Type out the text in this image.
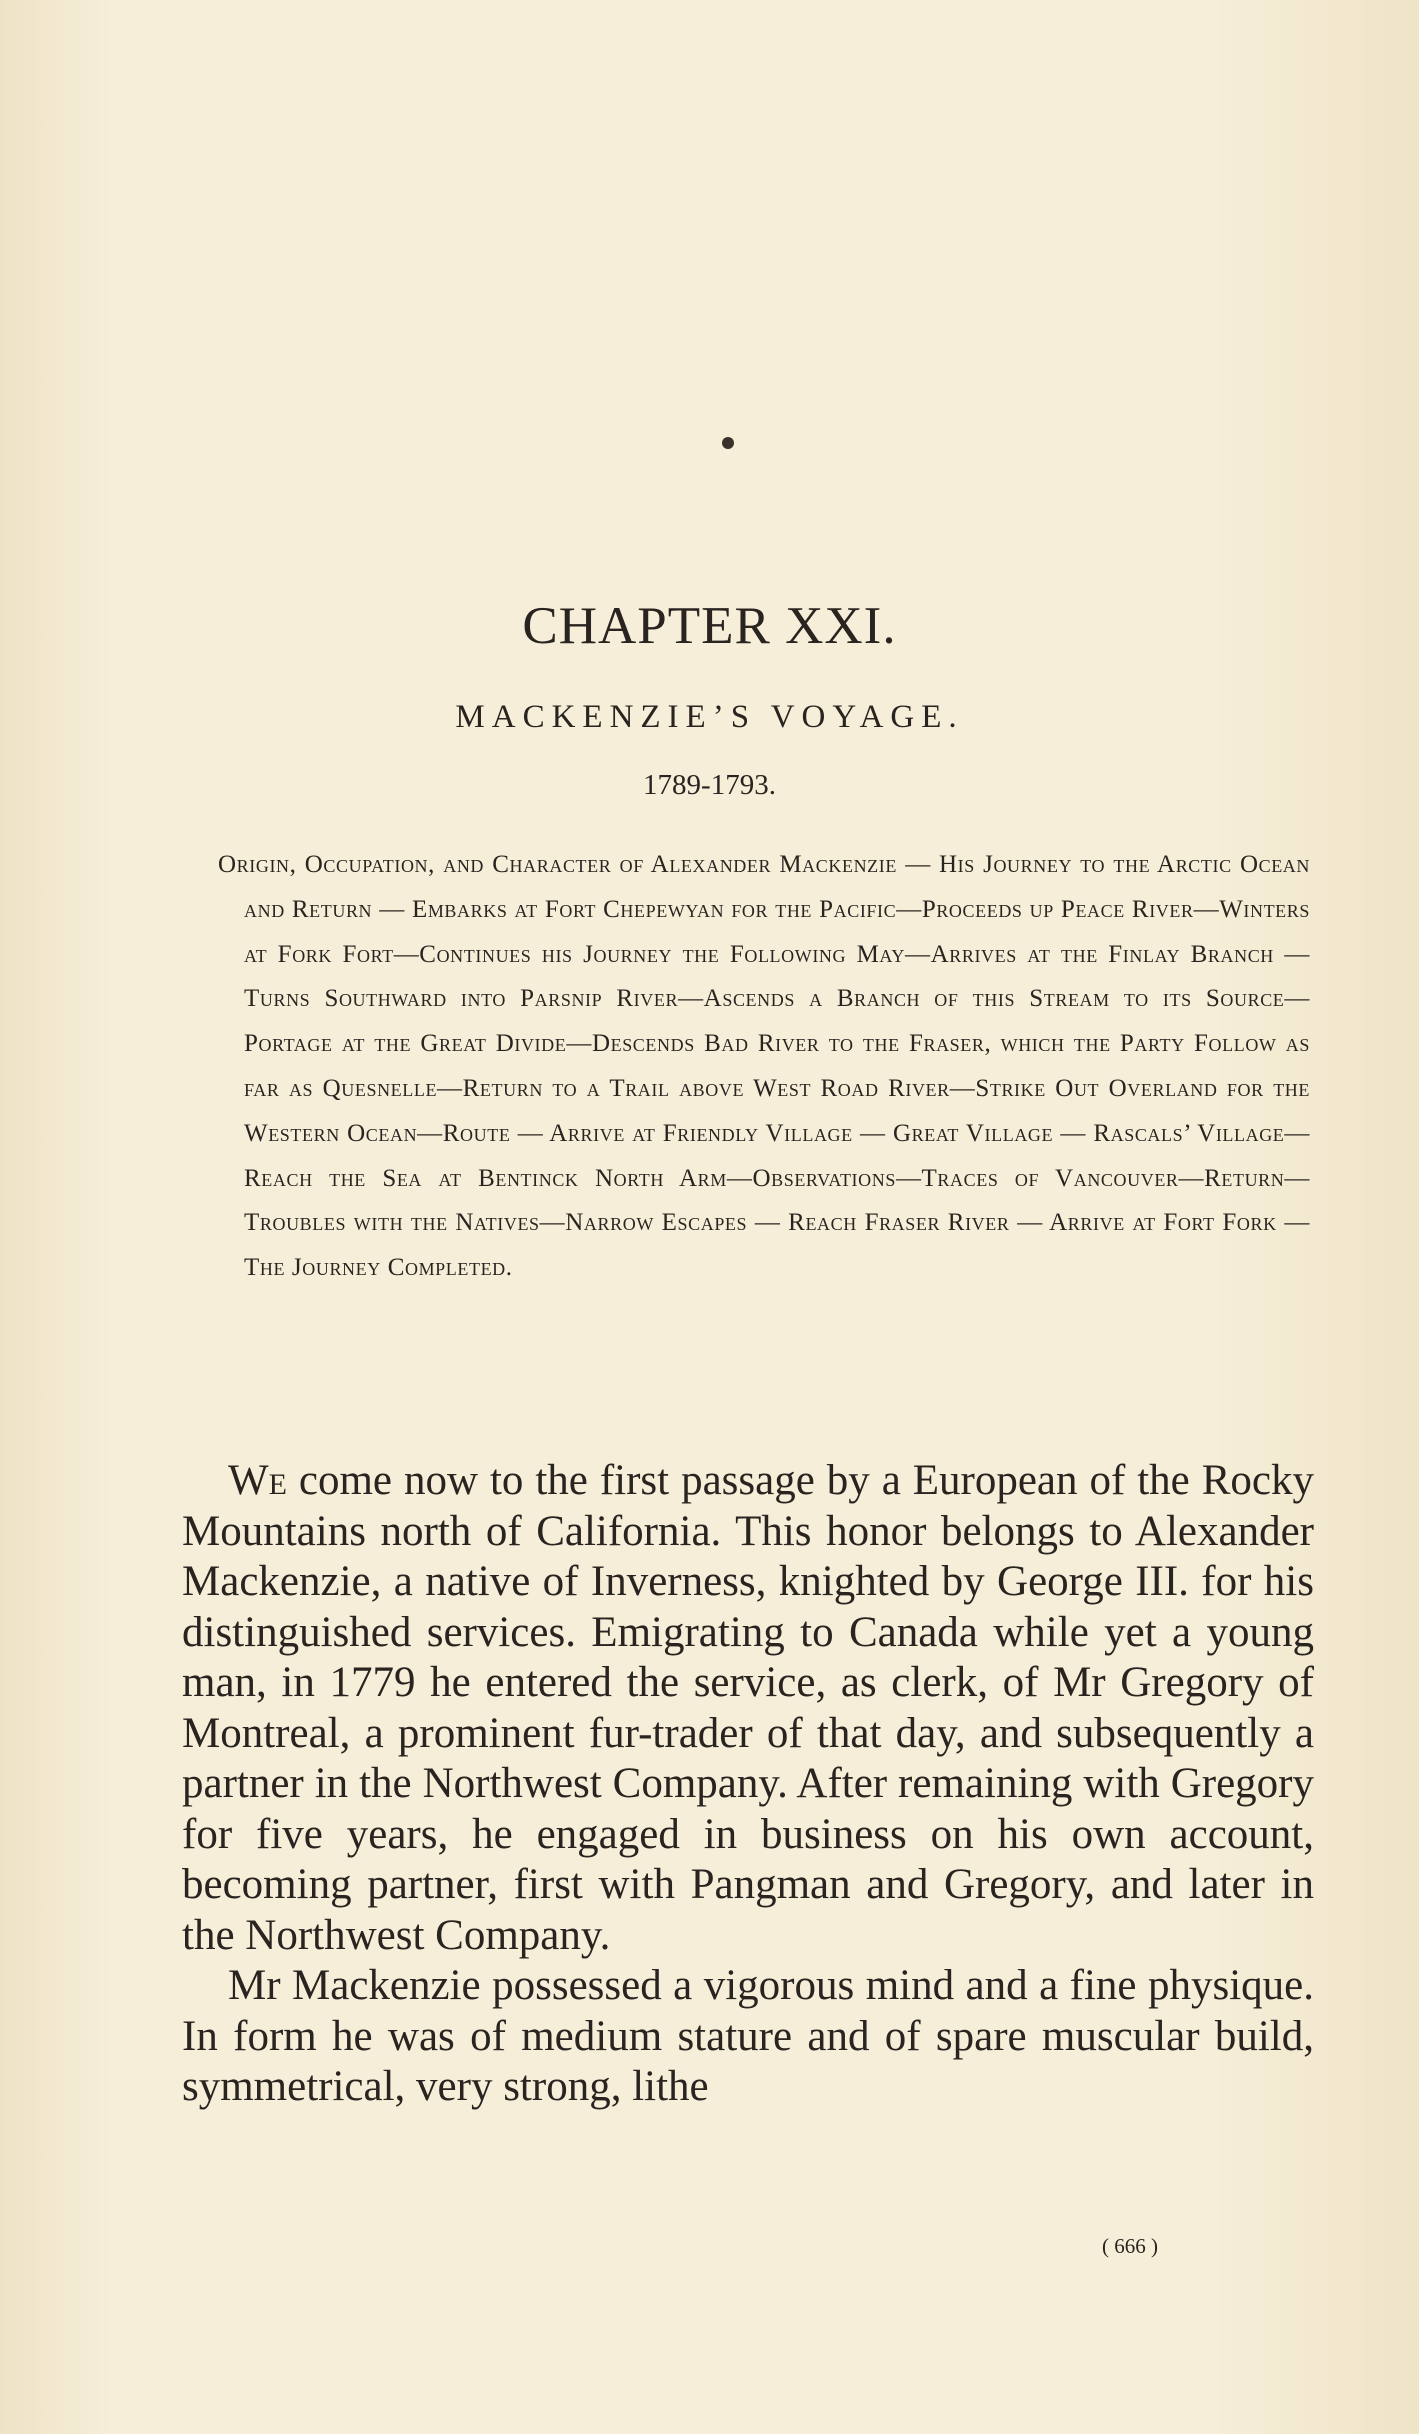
CHAPTER XXI.
MACKENZIE’S VOYAGE.
1789-1793.
Origin, Occupation, and Character of Alexander Mackenzie — His Journey to the Arctic Ocean and Return — Embarks at Fort Chepewyan for the Pacific—Proceeds up Peace River—Winters at Fork Fort—Continues his Journey the Following May—Arrives at the Finlay Branch — Turns Southward into Parsnip River—Ascends a Branch of this Stream to its Source—Portage at the Great Divide—Descends Bad River to the Fraser, which the Party Follow as far as Quesnelle—Return to a Trail above West Road River—Strike Out Overland for the Western Ocean—Route — Arrive at Friendly Village — Great Village — Rascals’ Village—Reach the Sea at Bentinck North Arm—Observations—Traces of Vancouver—Return—Troubles with the Natives—Narrow Escapes — Reach Fraser River — Arrive at Fort Fork — The Journey Completed.

We come now to the first passage by a European of the Rocky Mountains north of California. This honor belongs to Alexander Mackenzie, a native of Inverness, knighted by George III. for his distinguished services. Emigrating to Canada while yet a young man, in 1779 he entered the service, as clerk, of Mr Gregory of Montreal, a prominent fur-trader of that day, and subsequently a partner in the Northwest Company. After remaining with Gregory for five years, he engaged in business on his own account, becoming partner, first with Pangman and Gregory, and later in the Northwest Company.

Mr Mackenzie possessed a vigorous mind and a fine physique. In form he was of medium stature and of spare muscular build, symmetrical, very strong, lithe

( 666 )
